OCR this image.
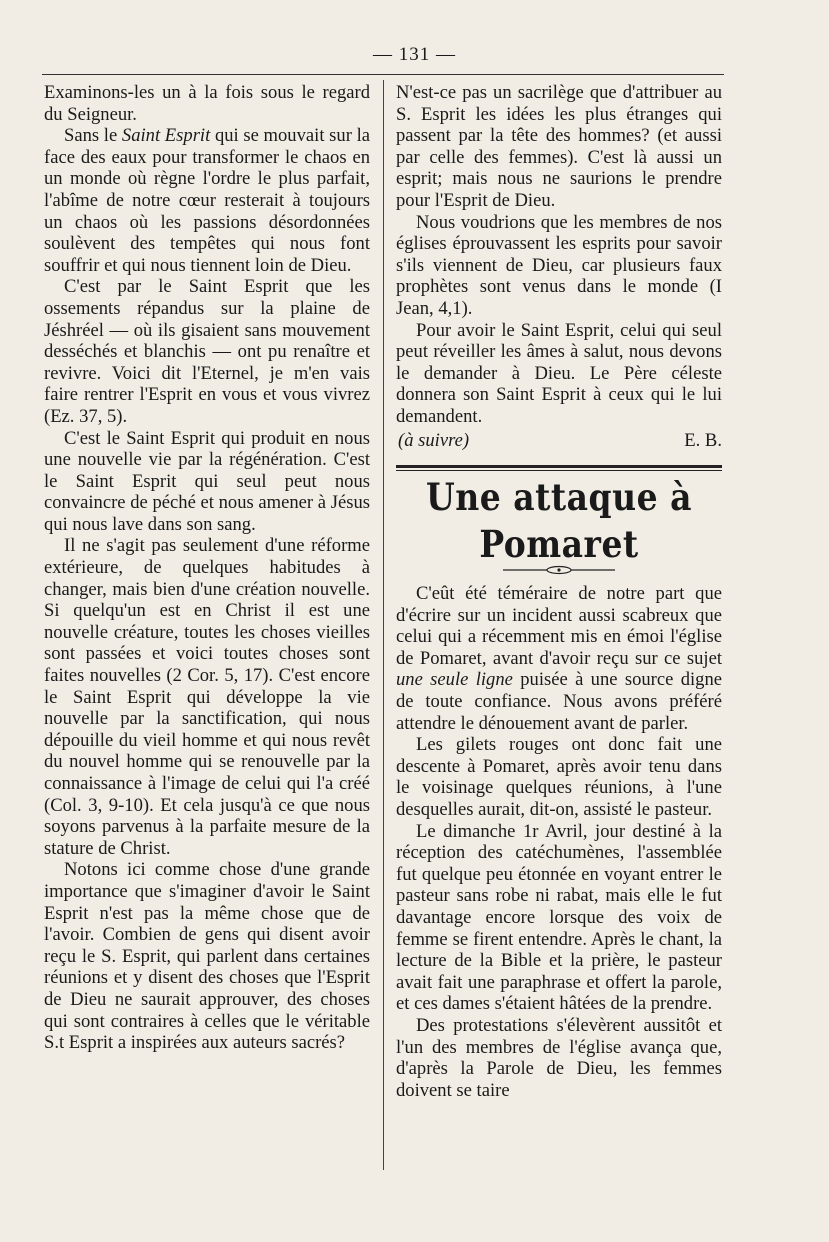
— 131 —

Examinons-les un à la fois sous le regard du Seigneur.

Sans le Saint Esprit qui se mouvait sur la face des eaux pour transformer le chaos en un monde où règne l'ordre le plus parfait, l'abîme de notre cœur resterait à toujours un chaos où les passions désordonnées soulèvent des tempêtes qui nous font souffrir et qui nous tiennent loin de Dieu.

C'est par le Saint Esprit que les ossements répandus sur la plaine de Jéshréel — où ils gisaient sans mouvement desséchés et blanchis — ont pu renaître et revivre. Voici dit l'Eternel, je m'en vais faire rentrer l'Esprit en vous et vous vivrez (Ez. 37, 5).

C'est le Saint Esprit qui produit en nous une nouvelle vie par la régénération. C'est le Saint Esprit qui seul peut nous convaincre de péché et nous amener à Jésus qui nous lave dans son sang.

Il ne s'agit pas seulement d'une réforme extérieure, de quelques habitudes à changer, mais bien d'une création nouvelle. Si quelqu'un est en Christ il est une nouvelle créature, toutes les choses vieilles sont passées et voici toutes choses sont faites nouvelles (2 Cor. 5, 17). C'est encore le Saint Esprit qui développe la vie nouvelle par la sanctification, qui nous dépouille du vieil homme et qui nous revêt du nouvel homme qui se renouvelle par la connaissance à l'image de celui qui l'a créé (Col. 3, 9-10). Et cela jusqu'à ce que nous soyons parvenus à la parfaite mesure de la stature de Christ.

Notons ici comme chose d'une grande importance que s'imaginer d'avoir le Saint Esprit n'est pas la même chose que de l'avoir. Combien de gens qui disent avoir reçu le S. Esprit, qui parlent dans certaines réunions et y disent des choses que l'Esprit de Dieu ne saurait approuver, des choses qui sont contraires à celles que le véritable S.t Esprit a inspirées aux auteurs sacrés?

N'est-ce pas un sacrilège que d'attribuer au S. Esprit les idées les plus étranges qui passent par la tête des hommes? (et aussi par celle des femmes). C'est là aussi un esprit; mais nous ne saurions le prendre pour l'Esprit de Dieu.

Nous voudrions que les membres de nos églises éprouvassent les esprits pour savoir s'ils viennent de Dieu, car plusieurs faux prophètes sont venus dans le monde (I Jean, 4,1).

Pour avoir le Saint Esprit, celui qui seul peut réveiller les âmes à salut, nous devons le demander à Dieu. Le Père céleste donnera son Saint Esprit à ceux qui le lui demandent.

(à suivre)	E. B.
Une attaque à Pomaret

C'eût été téméraire de notre part que d'écrire sur un incident aussi scabreux que celui qui a récemment mis en émoi l'église de Pomaret, avant d'avoir reçu sur ce sujet une seule ligne puisée à une source digne de toute confiance. Nous avons préféré attendre le dénouement avant de parler.

Les gilets rouges ont donc fait une descente à Pomaret, après avoir tenu dans le voisinage quelques réunions, à l'une desquelles aurait, dit-on, assisté le pasteur.

Le dimanche 1r Avril, jour destiné à la réception des catéchumènes, l'assemblée fut quelque peu étonnée en voyant entrer le pasteur sans robe ni rabat, mais elle le fut davantage encore lorsque des voix de femme se firent entendre. Après le chant, la lecture de la Bible et la prière, le pasteur avait fait une paraphrase et offert la parole, et ces dames s'étaient hâtées de la prendre.

Des protestations s'élevèrent aussitôt et l'un des membres de l'église avança que, d'après la Parole de Dieu, les femmes doivent se taire
